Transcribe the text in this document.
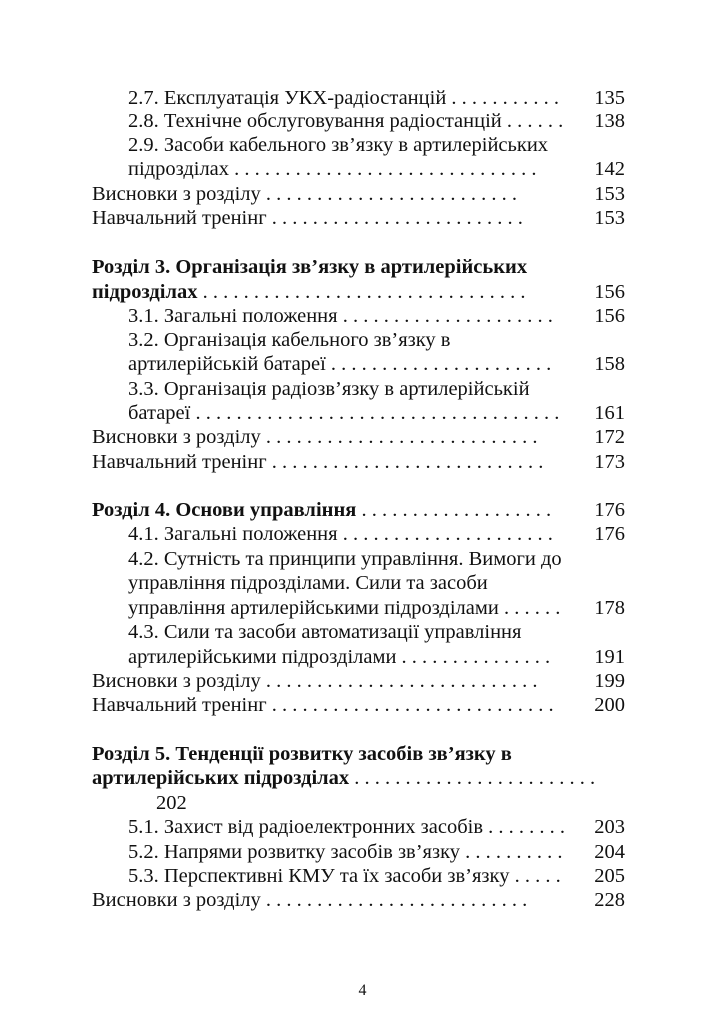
2.7. Експлуатація УКХ-радіостанцій . . . . . . . . . . .	135
2.8. Технічне обслуговування радіостанцій . . . . . .	138
2.9. Засоби кабельного зв’язку в артилерійських
підрозділах . . . . . . . . . . . . . . . . . . . . . . . . . . . . . .	142
Висновки з розділу . . . . . . . . . . . . . . . . . . . . . . . . .	153
Навчальний тренінг . . . . . . . . . . . . . . . . . . . . . . . . .	153
Розділ 3. Організація зв’язку в артилерійських
підрозділах . . . . . . . . . . . . . . . . . . . . . . . . . . . . . . . .	156
3.1. Загальні положення . . . . . . . . . . . . . . . . . . . . .	156
3.2. Організація кабельного зв’язку в
артилерійській батареї . . . . . . . . . . . . . . . . . . . . . .	158
3.3. Організація радіозв’язку в артилерійській
батареї . . . . . . . . . . . . . . . . . . . . . . . . . . . . . . . . . . . .	161
Висновки з розділу . . . . . . . . . . . . . . . . . . . . . . . . . . .	172
Навчальний тренінг . . . . . . . . . . . . . . . . . . . . . . . . . . .	173
Розділ 4. Основи управління . . . . . . . . . . . . . . . . . . .	176
4.1. Загальні положення . . . . . . . . . . . . . . . . . . . . .	176
4.2. Сутність та принципи управління. Вимоги до
управління підрозділами. Сили та засоби
управління артилерійськими підрозділами . . . . . .	178
4.3. Сили та засоби автоматизації управління
артилерійськими підрозділами . . . . . . . . . . . . . . .	191
Висновки з розділу . . . . . . . . . . . . . . . . . . . . . . . . . . .	199
Навчальний тренінг . . . . . . . . . . . . . . . . . . . . . . . . . . . .	200
Розділ 5. Тенденції розвитку засобів зв’язку в
артилерійських підрозділах . . . . . . . . . . . . . . . . . . . . . . . .
202
5.1. Захист від радіоелектронних засобів . . . . . . . .	203
5.2. Напрями розвитку засобів зв’язку . . . . . . . . . .	204
5.3. Перспективні КМУ та їх засоби зв’язку . . . . .	205
Висновки з розділу . . . . . . . . . . . . . . . . . . . . . . . . . .	228
4
